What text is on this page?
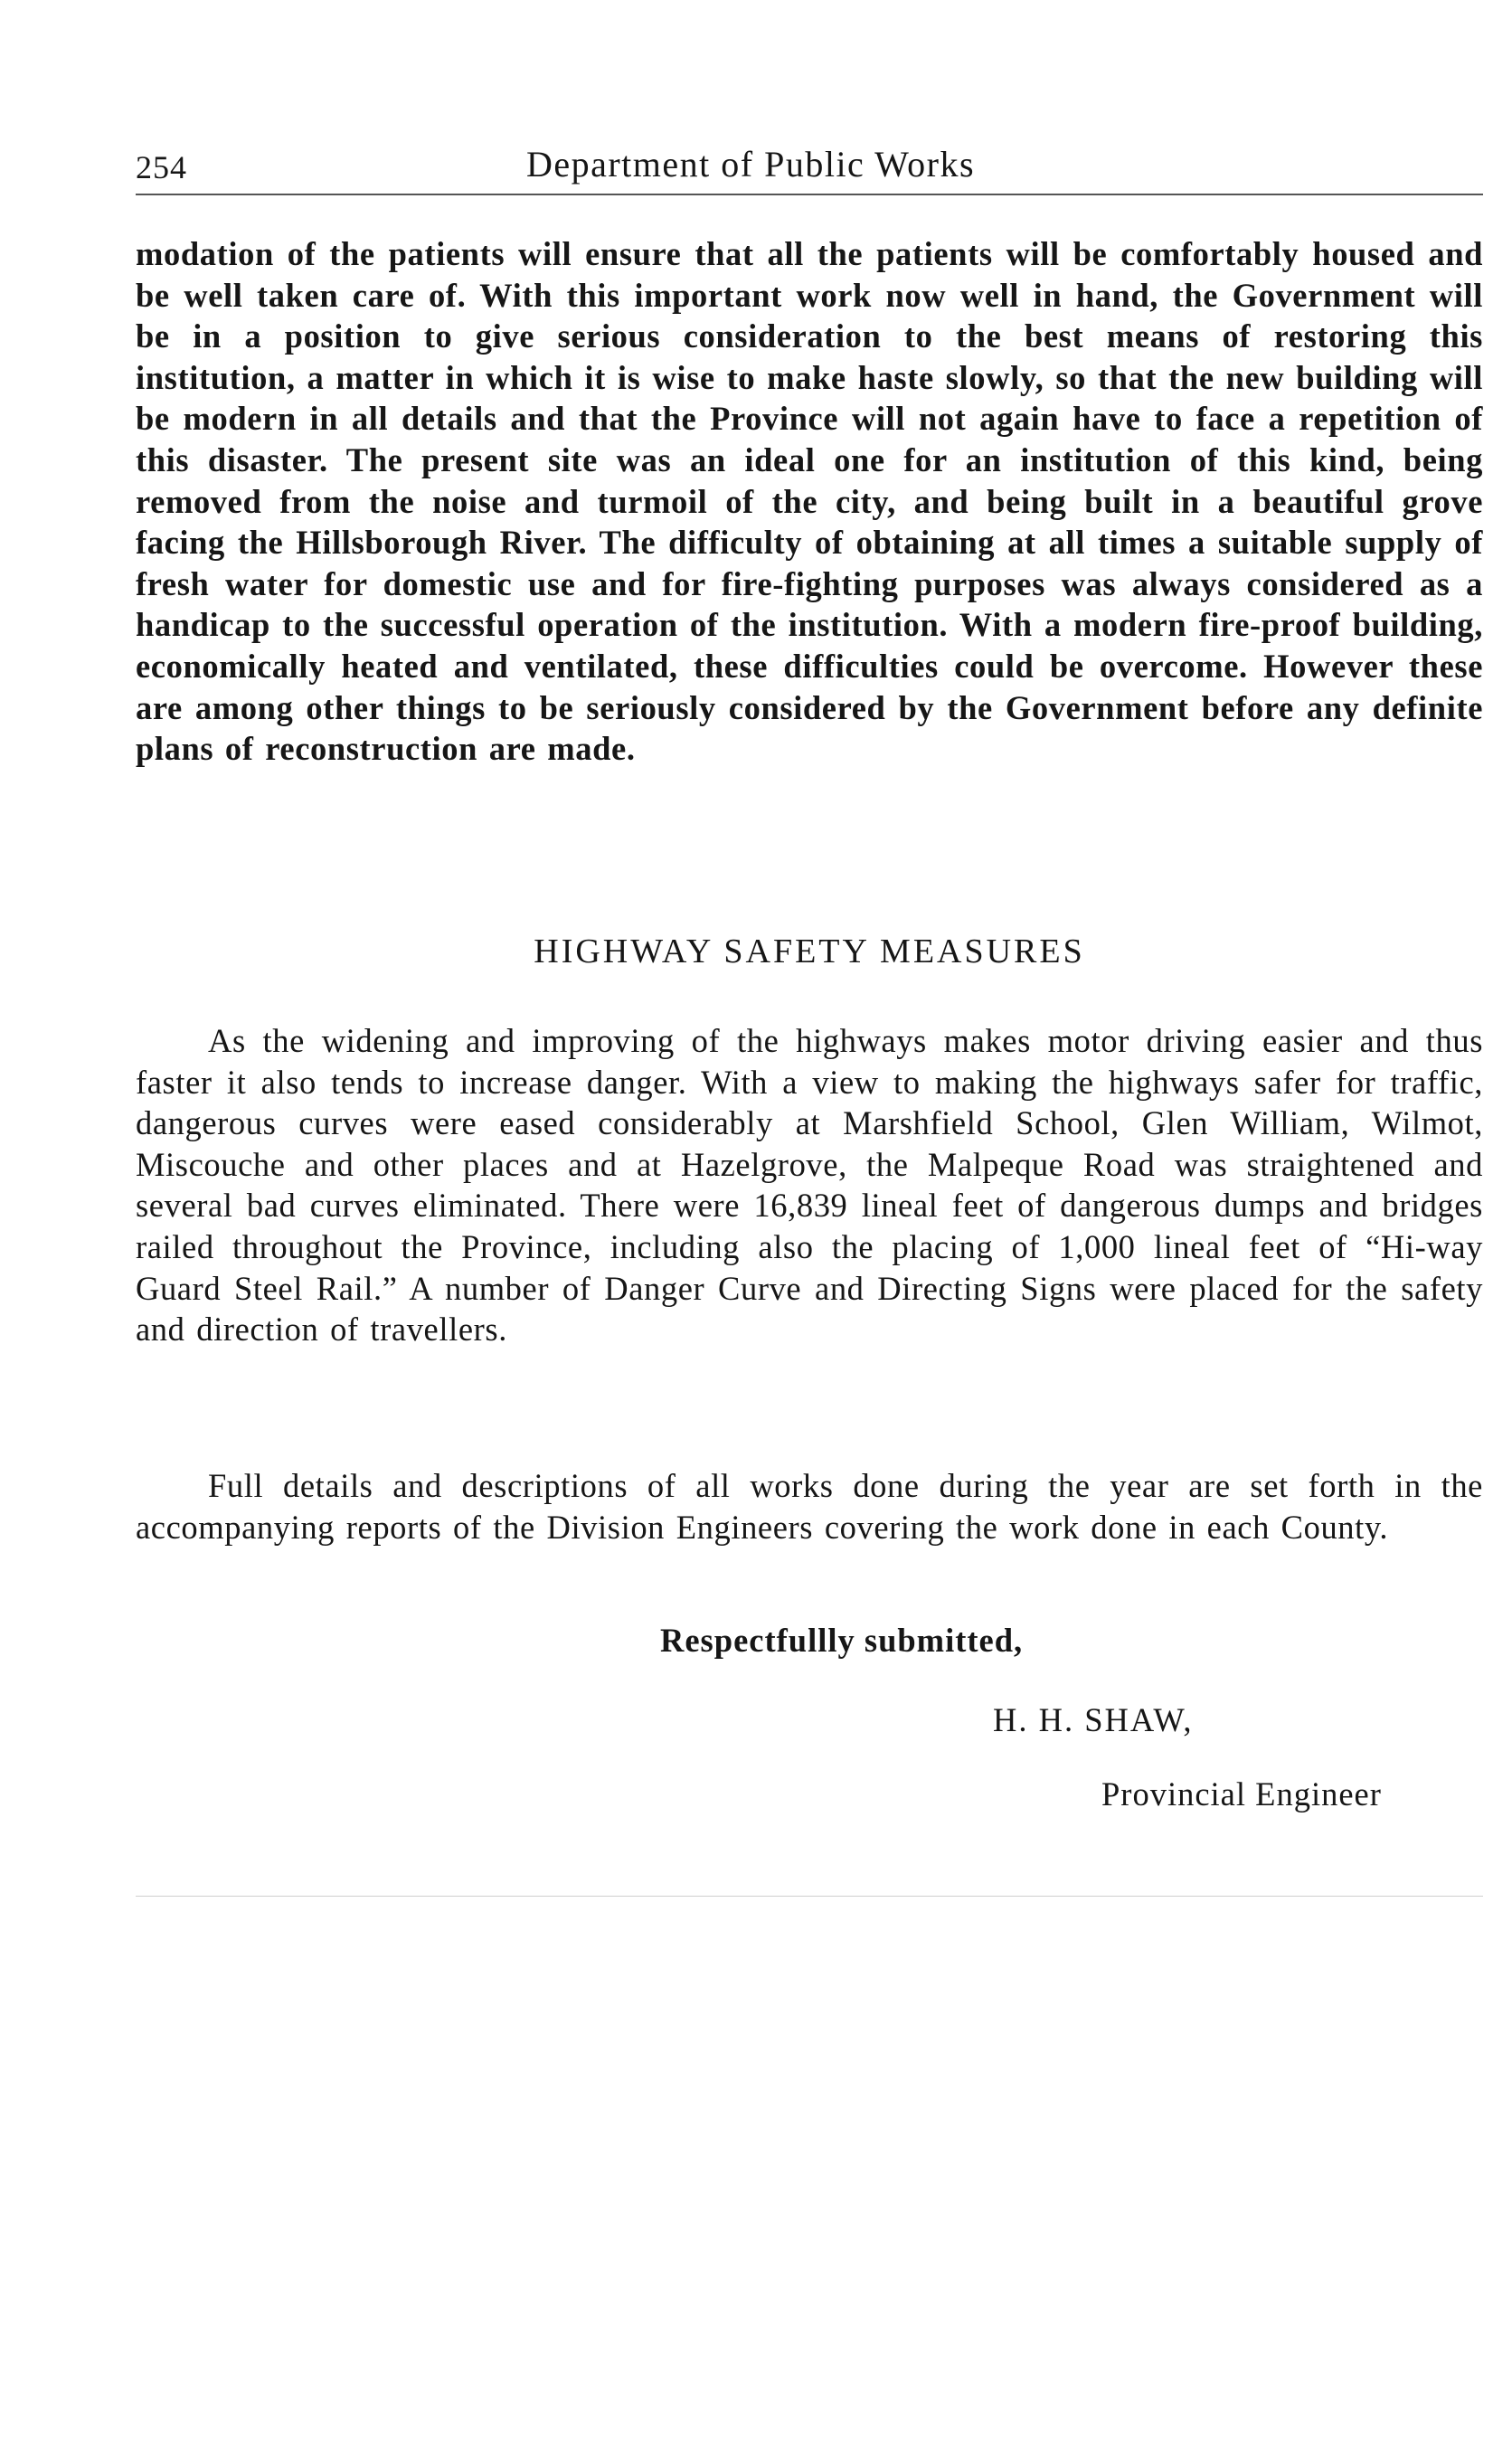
254	Department of Public Works

modation of the patients will ensure that all the patients will be comfortably housed and be well taken care of. With this important work now well in hand, the Government will be in a position to give serious consideration to the best means of restoring this institution, a matter in which it is wise to make haste slowly, so that the new building will be modern in all details and that the Province will not again have to face a repetition of this disaster. The present site was an ideal one for an institution of this kind, being removed from the noise and turmoil of the city, and being built in a beautiful grove facing the Hillsborough River. The difficulty of obtaining at all times a suitable supply of fresh water for domestic use and for fire-fighting purposes was always considered as a handicap to the successful operation of the institution. With a modern fire-proof building, economically heated and ventilated, these difficulties could be overcome. However these are among other things to be seriously considered by the Government before any definite plans of reconstruction are made.

HIGHWAY SAFETY MEASURES

As the widening and improving of the highways makes motor driving easier and thus faster it also tends to increase danger. With a view to making the highways safer for traffic, dangerous curves were eased considerably at Marshfield School, Glen William, Wilmot, Miscouche and other places and at Hazelgrove, the Malpeque Road was straightened and several bad curves eliminated. There were 16,839 lineal feet of dangerous dumps and bridges railed throughout the Province, including also the placing of 1,000 lineal feet of “Hi-way Guard Steel Rail.” A number of Danger Curve and Directing Signs were placed for the safety and direction of travellers.

Full details and descriptions of all works done during the year are set forth in the accompanying reports of the Division Engineers covering the work done in each County.

Respectfullly submitted,
H. H. SHAW,
Provincial Engineer
